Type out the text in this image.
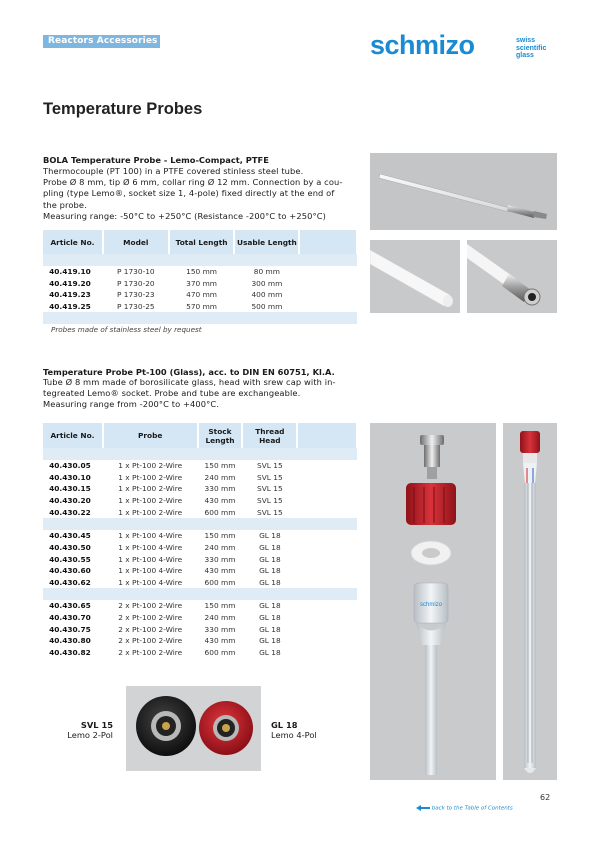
Reactors Accessories	schmizo	swiss
scientific
glass
Temperature Probes
BOLA Temperature Probe - Lemo-Compact, PTFE
Thermocouple (PT 100) in a PTFE covered stinless steel tube.
Probe Ø 8 mm, tip Ø 6 mm, collar ring Ø 12 mm. Connection by a cou-
pling (type Lemo®, socket size 1, 4-pole) fixed directly at the end of
the probe.
Measuring range: -50°C to +250°C (Resistance -200°C to +250°C)
Article No.	Model	Total Length	Usable Length	

40.419.10	P 1730-10	150 mm	80 mm	
40.419.20	P 1730-20	370 mm	300 mm	
40.419.23	P 1730-23	470 mm	400 mm	
40.419.25	P 1730-25	570 mm	500 mm	

Probes made of stainless steel by request
Temperature Probe Pt-100 (Glass), acc. to DIN EN 60751, Kl.A.
Tube Ø 8 mm made of borosilicate glass, head with srew cap with in-
tegreated Lemo® socket. Probe and tube are exchangeable.
Measuring range from -200°C to +400°C.
Article No.	Probe	Stock Length	Thread Head	

40.430.05	1 x Pt-100 2-Wire	150 mm	SVL 15	
40.430.10	1 x Pt-100 2-Wire	240 mm	SVL 15	
40.430.15	1 x Pt-100 2-Wire	330 mm	SVL 15	
40.430.20	1 x Pt-100 2-Wire	430 mm	SVL 15	
40.430.22	1 x Pt-100 2-Wire	600 mm	SVL 15	

40.430.45	1 x Pt-100 4-Wire	150 mm	GL 18	
40.430.50	1 x Pt-100 4-Wire	240 mm	GL 18	
40.430.55	1 x Pt-100 4-Wire	330 mm	GL 18	
40.430.60	1 x Pt-100 4-Wire	430 mm	GL 18	
40.430.62	1 x Pt-100 4-Wire	600 mm	GL 18	

40.430.65	2 x Pt-100 2-Wire	150 mm	GL 18	
40.430.70	2 x Pt-100 2-Wire	240 mm	GL 18	
40.430.75	2 x Pt-100 2-Wire	330 mm	GL 18	
40.430.80	2 x Pt-100 2-Wire	430 mm	GL 18	
40.430.82	2 x Pt-100 2-Wire	600 mm	GL 18	
schmizo
SVL 15
Lemo 2-Pol
GL 18
Lemo 4-Pol
62
back to the Table of Contents
